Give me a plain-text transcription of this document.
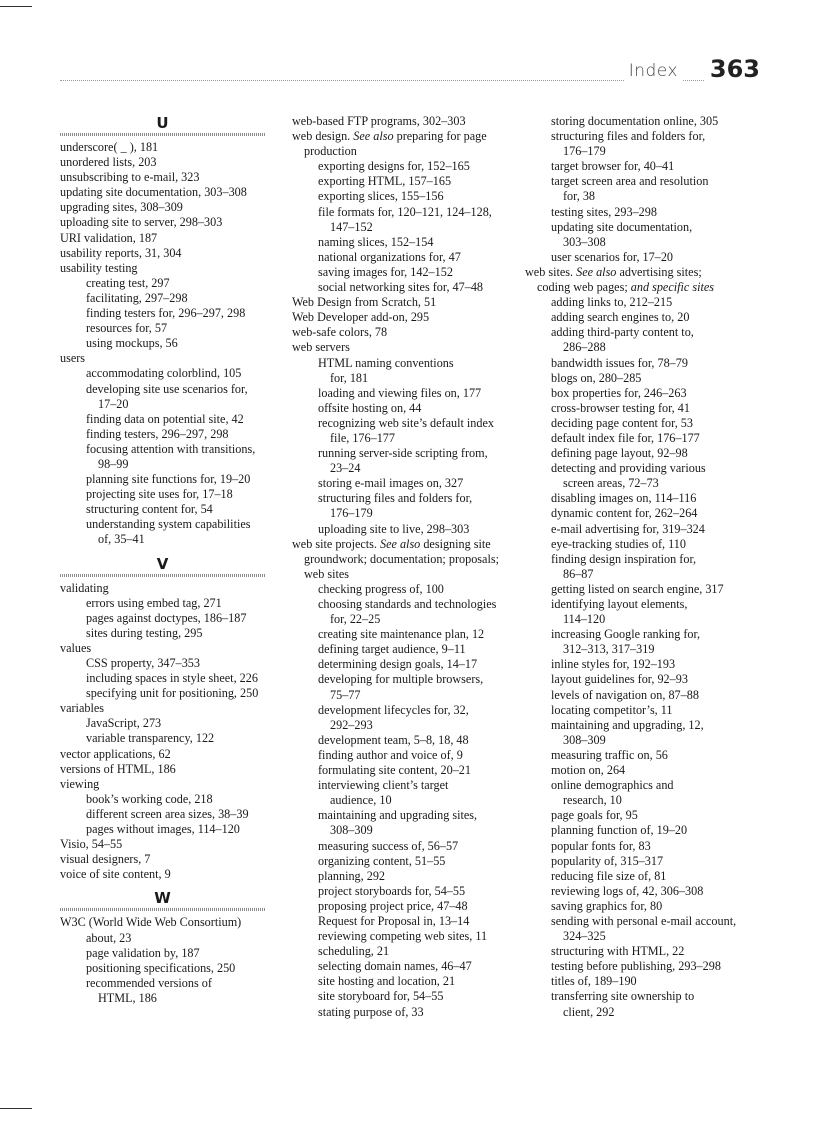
Index 363
U
underscore( _ ), 181
unordered lists, 203
unsubscribing to e-mail, 323
updating site documentation, 303–308
upgrading sites, 308–309
uploading site to server, 298–303
URI validation, 187
usability reports, 31, 304
usability testing
creating test, 297
facilitating, 297–298
finding testers for, 296–297, 298
resources for, 57
using mockups, 56
users
accommodating colorblind, 105
developing site use scenarios for,
17–20
finding data on potential site, 42
finding testers, 296–297, 298
focusing attention with transitions,
98–99
planning site functions for, 19–20
projecting site uses for, 17–18
structuring content for, 54
understanding system capabilities
of, 35–41
V
validating
errors using embed tag, 271
pages against doctypes, 186–187
sites during testing, 295
values
CSS property, 347–353
including spaces in style sheet, 226
specifying unit for positioning, 250
variables
JavaScript, 273
variable transparency, 122
vector applications, 62
versions of HTML, 186
viewing
book’s working code, 218
different screen area sizes, 38–39
pages without images, 114–120
Visio, 54–55
visual designers, 7
voice of site content, 9
W
W3C (World Wide Web Consortium)
about, 23
page validation by, 187
positioning specifications, 250
recommended versions of
HTML, 186
web-based FTP programs, 302–303
web design. See also preparing for page
production
exporting designs for, 152–165
exporting HTML, 157–165
exporting slices, 155–156
file formats for, 120–121, 124–128,
147–152
naming slices, 152–154
national organizations for, 47
saving images for, 142–152
social networking sites for, 47–48
Web Design from Scratch, 51
Web Developer add-on, 295
web-safe colors, 78
web servers
HTML naming conventions
for, 181
loading and viewing files on, 177
offsite hosting on, 44
recognizing web site’s default index
file, 176–177
running server-side scripting from,
23–24
storing e-mail images on, 327
structuring files and folders for,
176–179
uploading site to live, 298–303
web site projects. See also designing site
groundwork; documentation; proposals;
web sites
checking progress of, 100
choosing standards and technologies
for, 22–25
creating site maintenance plan, 12
defining target audience, 9–11
determining design goals, 14–17
developing for multiple browsers,
75–77
development lifecycles for, 32,
292–293
development team, 5–8, 18, 48
finding author and voice of, 9
formulating site content, 20–21
interviewing client’s target
audience, 10
maintaining and upgrading sites,
308–309
measuring success of, 56–57
organizing content, 51–55
planning, 292
project storyboards for, 54–55
proposing project price, 47–48
Request for Proposal in, 13–14
reviewing competing web sites, 11
scheduling, 21
selecting domain names, 46–47
site hosting and location, 21
site storyboard for, 54–55
stating purpose of, 33
storing documentation online, 305
structuring files and folders for,
176–179
target browser for, 40–41
target screen area and resolution
for, 38
testing sites, 293–298
updating site documentation,
303–308
user scenarios for, 17–20
web sites. See also advertising sites;
coding web pages; and specific sites
adding links to, 212–215
adding search engines to, 20
adding third-party content to,
286–288
bandwidth issues for, 78–79
blogs on, 280–285
box properties for, 246–263
cross-browser testing for, 41
deciding page content for, 53
default index file for, 176–177
defining page layout, 92–98
detecting and providing various
screen areas, 72–73
disabling images on, 114–116
dynamic content for, 262–264
e-mail advertising for, 319–324
eye-tracking studies of, 110
finding design inspiration for,
86–87
getting listed on search engine, 317
identifying layout elements,
114–120
increasing Google ranking for,
312–313, 317–319
inline styles for, 192–193
layout guidelines for, 92–93
levels of navigation on, 87–88
locating competitor’s, 11
maintaining and upgrading, 12,
308–309
measuring traffic on, 56
motion on, 264
online demographics and
research, 10
page goals for, 95
planning function of, 19–20
popular fonts for, 83
popularity of, 315–317
reducing file size of, 81
reviewing logs of, 42, 306–308
saving graphics for, 80
sending with personal e-mail account,
324–325
structuring with HTML, 22
testing before publishing, 293–298
titles of, 189–190
transferring site ownership to
client, 292
